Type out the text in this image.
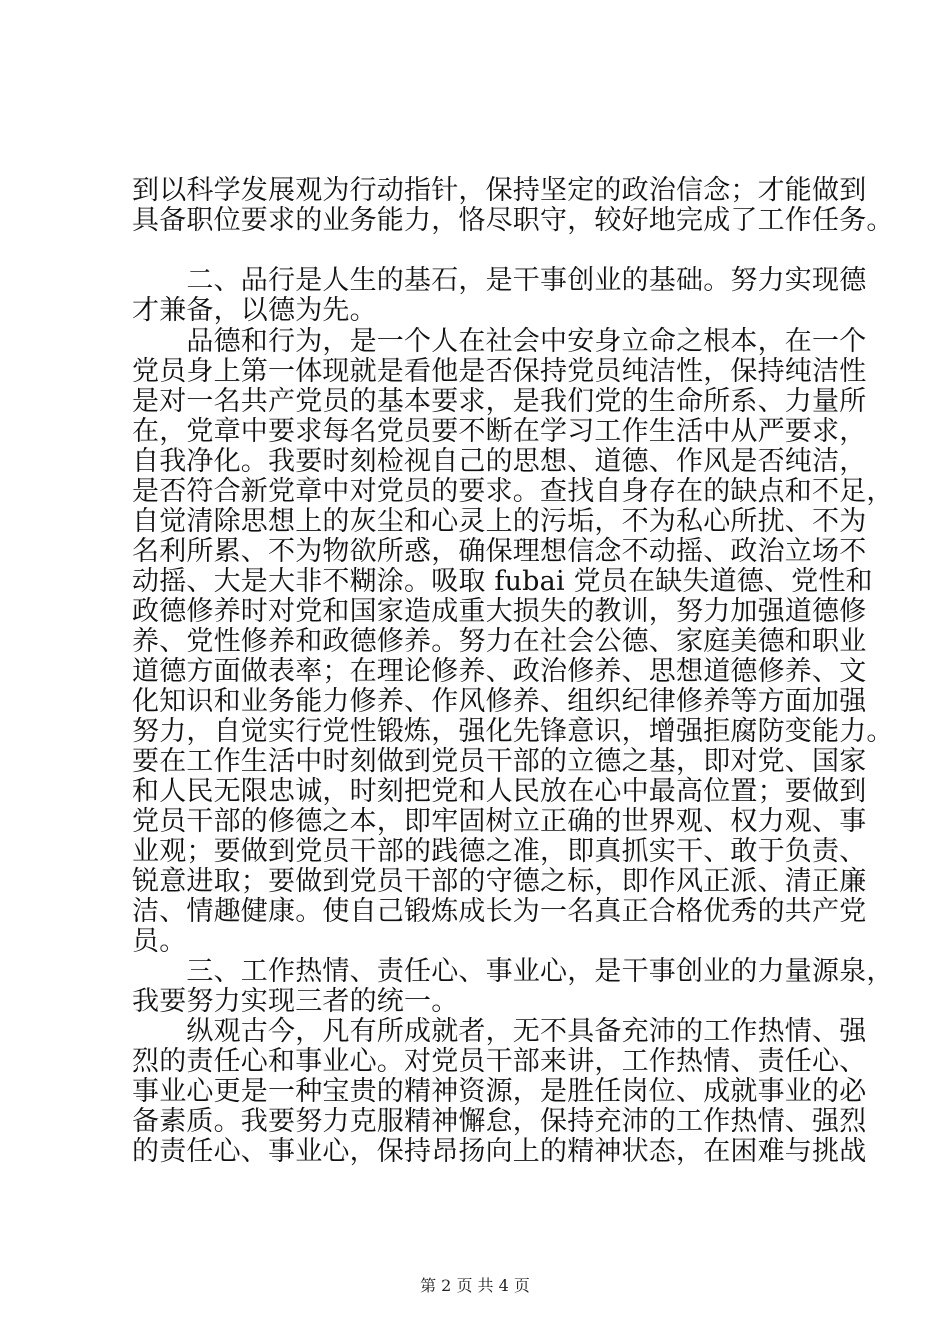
到以科学发展观为行动指针，保持坚定的政治信念；才能做到
具备职位要求的业务能力，恪尽职守，较好地完成了工作任务。
　　二、品行是人生的基石，是干事创业的基础。努力实现德
才兼备，以德为先。
　　品德和行为，是一个人在社会中安身立命之根本，在一个
党员身上第一体现就是看他是否保持党员纯洁性，保持纯洁性
是对一名共产党员的基本要求，是我们党的生命所系、力量所
在，党章中要求每名党员要不断在学习工作生活中从严要求，
自我净化。我要时刻检视自己的思想、道德、作风是否纯洁，
是否符合新党章中对党员的要求。查找自身存在的缺点和不足，
自觉清除思想上的灰尘和心灵上的污垢，不为私心所扰、不为
名利所累、不为物欲所惑，确保理想信念不动摇、政治立场不
动摇、大是大非不糊涂。吸取 fubai 党员在缺失道德、党性和
政德修养时对党和国家造成重大损失的教训，努力加强道德修
养、党性修养和政德修养。努力在社会公德、家庭美德和职业
道德方面做表率；在理论修养、政治修养、思想道德修养、文
化知识和业务能力修养、作风修养、组织纪律修养等方面加强
努力，自觉实行党性锻炼，强化先锋意识，增强拒腐防变能力。
要在工作生活中时刻做到党员干部的立德之基，即对党、国家
和人民无限忠诚，时刻把党和人民放在心中最高位置；要做到
党员干部的修德之本，即牢固树立正确的世界观、权力观、事
业观；要做到党员干部的践德之准，即真抓实干、敢于负责、
锐意进取；要做到党员干部的守德之标，即作风正派、清正廉
洁、情趣健康。使自己锻炼成长为一名真正合格优秀的共产党
员。
　　三、工作热情、责任心、事业心，是干事创业的力量源泉，
我要努力实现三者的统一。
　　纵观古今，凡有所成就者，无不具备充沛的工作热情、强
烈的责任心和事业心。对党员干部来讲，工作热情、责任心、
事业心更是一种宝贵的精神资源，是胜任岗位、成就事业的必
备素质。我要努力克服精神懈怠，保持充沛的工作热情、强烈
的责任心、事业心，保持昂扬向上的精神状态，在困难与挑战
第 2 页 共 4 页
